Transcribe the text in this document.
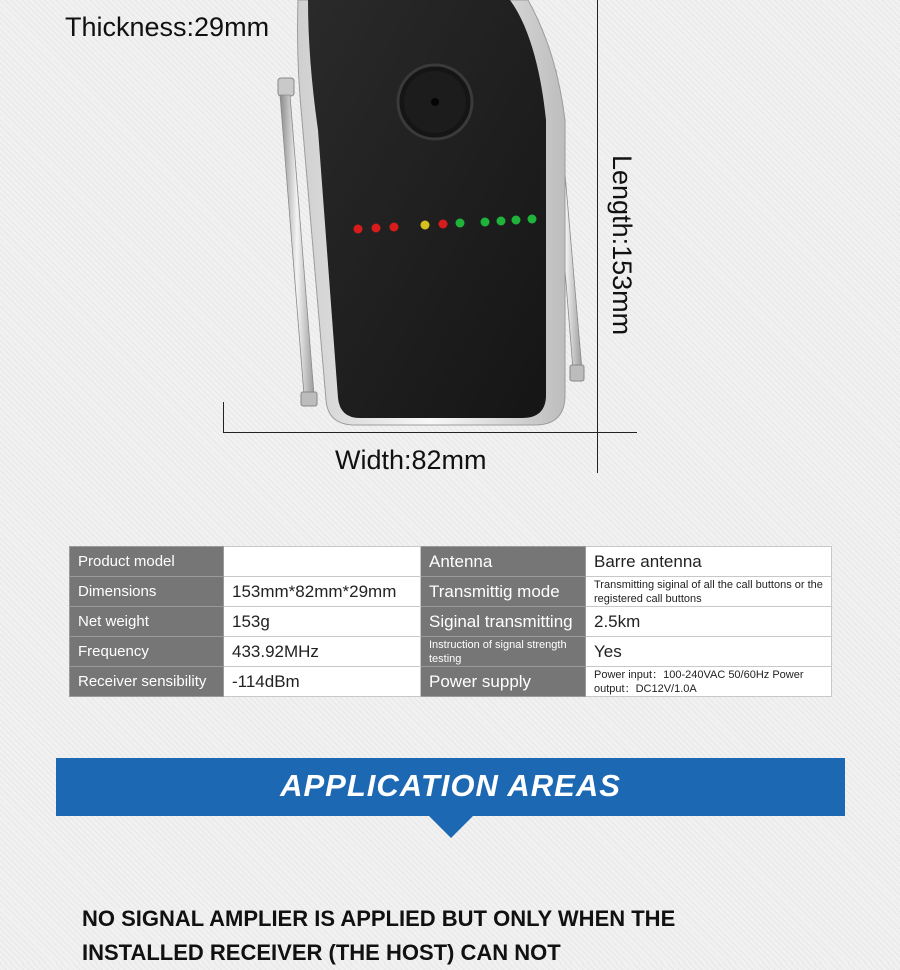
Thickness:29mm
Length:153mm
Width:82mm
Product model		Antenna	Barre antenna
Dimensions	153mm*82mm*29mm	Transmittig mode	Transmitting siginal of all the call buttons or the registered call buttons
Net weight	153g	Siginal transmitting	2.5km
Frequency	433.92MHz	Instruction of signal strength testing	Yes
Receiver sensibility	-114dBm	Power supply	Power input：100-240VAC 50/60Hz Power output：DC12V/1.0A
APPLICATION AREAS
NO SIGNAL AMPLIER IS APPLIED BUT ONLY WHEN THE INSTALLED RECEIVER (THE HOST) CAN NOT
